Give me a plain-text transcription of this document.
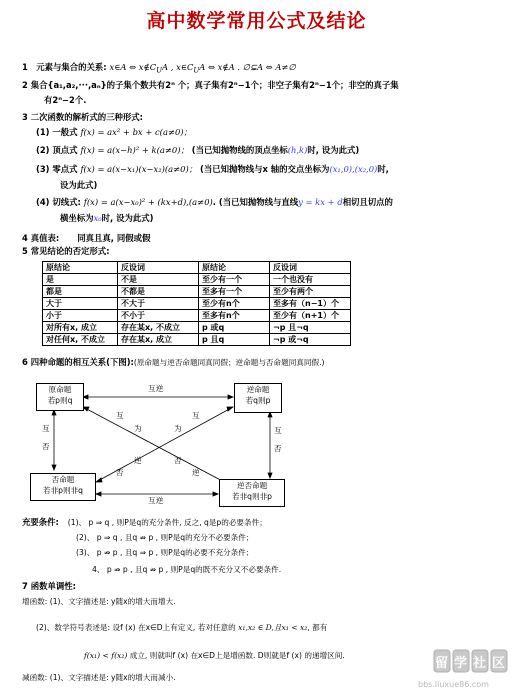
高中数学常用公式及结论
1　元素与集合的关系: x∈A ⇔ $x\notin C_UA$ , $x\in C_UA$ ⇔ x∉A . ∅⊊A ⇔ A≠∅
2 集合{a₁,a₂,···,aₙ}的子集个数共有2ⁿ 个；真子集有2ⁿ−1个；非空子集有2ⁿ−1个；非空的真子集
有2ⁿ−2个.
3 二次函数的解析式的三种形式:
(1) 一般式 f(x) = ax² + bx + c(a≠0)；
(2) 顶点式 f(x) = a(x−h)² + k(a≠0)； (当已知抛物线的顶点坐标(h,k)时, 设为此式)
(3) 零点式 f(x) = a(x−x₁)(x−x₂)(a≠0)； (当已知抛物线与x 轴的交点坐标为(x₁,0),(x₂,0)时,
设为此式)
(4) 切线式: f(x) = a(x−x₀)² + (kx+d),(a≠0). (当已知抛物线与直线y = kx + d相切且切点的
横坐标为x₀时, 设为此式)
4 真值表: 同真且真, 同假或假
5 常见结论的否定形式:
原结论	反设词	原结论	反设词
是	不是	至少有一个	一个也没有
都是	不都是	至多有一个	至少有两个
大于	不大于	至少有n个	至多有（n−1）个
小于	不小于	至多有n个	至少有（n+1）个
对所有x, 成立	存在某x, 不成立	p 或q	¬p 且¬q
对任何x, 不成立	存在某x, 成立	p 且q	¬p 或¬q
6 四种命题的相互关系(下图):(原命题与逆否命题同真同假；逆命题与否命题同真同假.)
原命题
若p则q
逆命题
若q则p
否命题
若非p则非q
逆否命题
若非q则非p
互逆
互逆
互
否
互
否
互
为	为
互
逆
否
否
逆
充要条件: (1)、 p ⇒ q , 则P是q的充分条件, 反之, q是p的必要条件；
(2)、 p ⇒ q , 且q ⇏ p , 则P是q的充分不必要条件；
(3)、 p ⇏ p , 且q ⇒ p , 则P是q的必要不充分条件；
4、 p ⇏ p , 且q ⇏ p , 则P是q的既不充分又不必要条件.
7 函数单调性:
增函数: (1)、文字描述是: y随x的增大而增大.
(2)、数学符号表述是: 设f (x) 在x∈D上有定义, 若对任意的 x₁,x₂ ∈ D,且x₁ < x₂, 都有
f(x₁) < f(x₂) 成立, 则就叫f (x) 在x∈D上是增函数. D则就是f (x) 的递增区间.
减函数: (1)、文字描述是: y随x的增大而减小.
留 学 社 区
bbs.liuxue86.com
